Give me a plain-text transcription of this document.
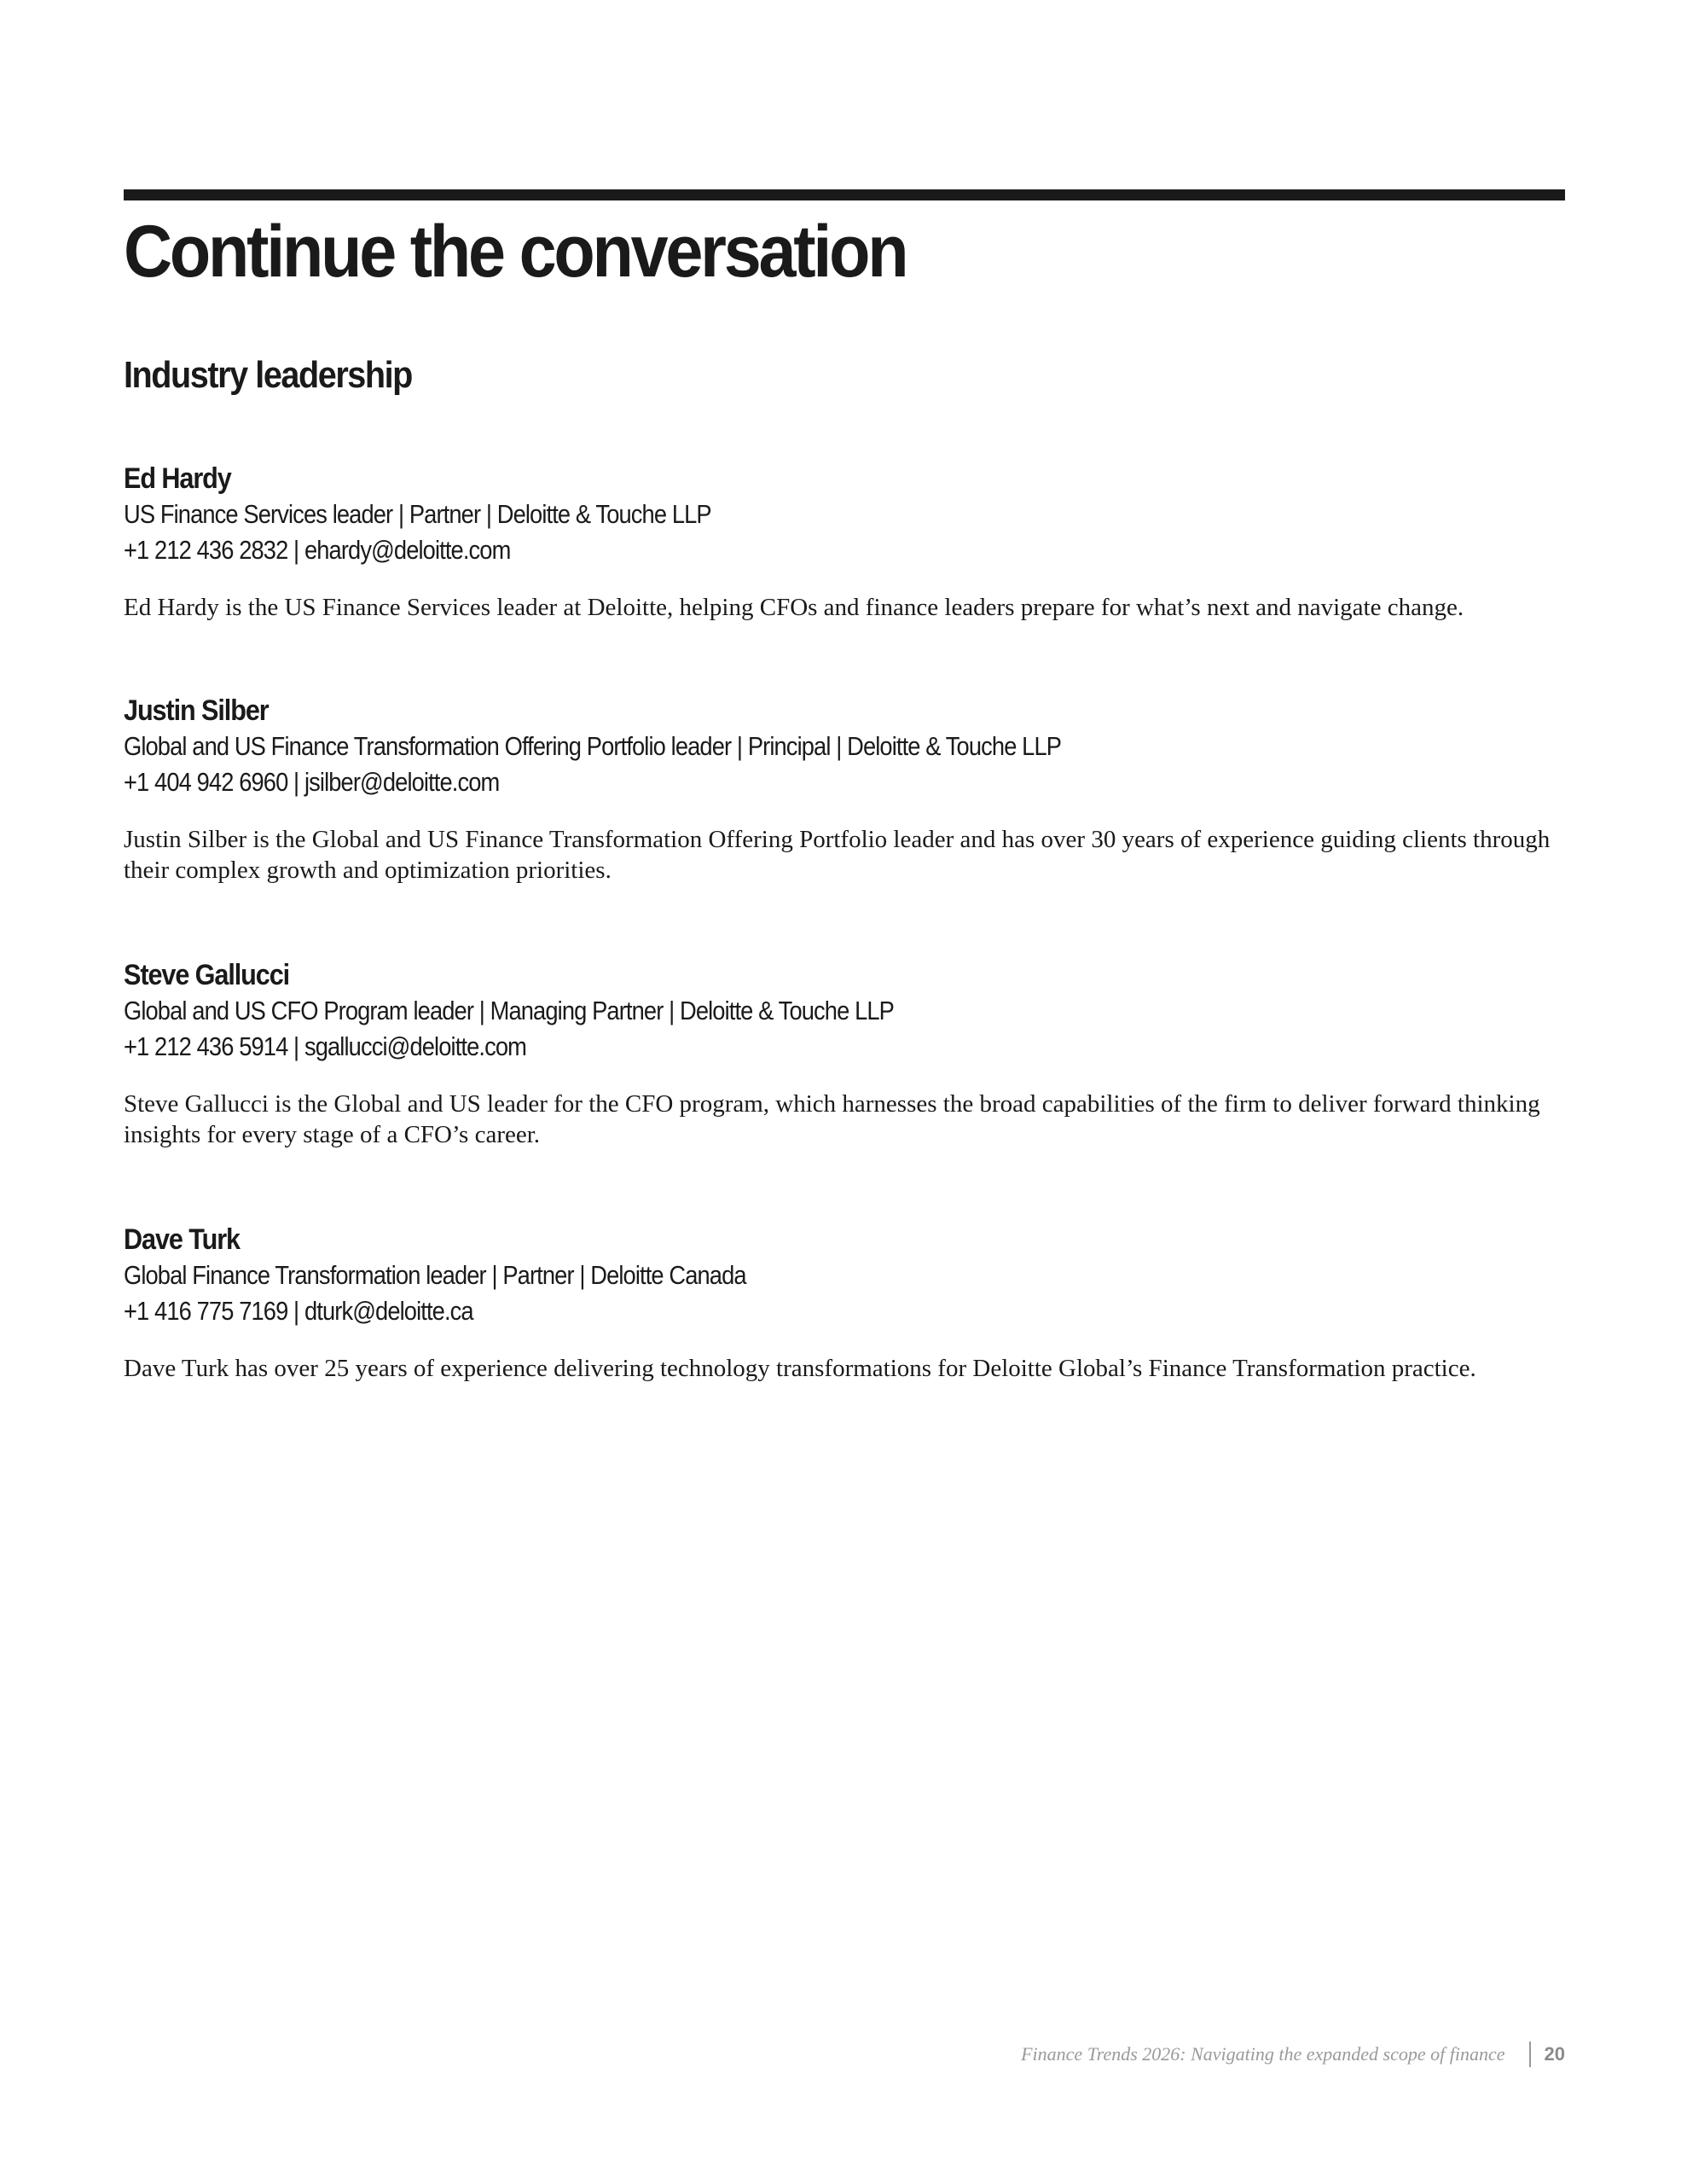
Continue the conversation
Industry leadership

Ed Hardy

US Finance Services leader | Partner | Deloitte & Touche LLP

+1 212 436 2832 | ehardy@deloitte.com

Ed Hardy is the US Finance Services leader at Deloitte, helping CFOs and finance leaders prepare for what’s next and navigate change.

Justin Silber

Global and US Finance Transformation Offering Portfolio leader | Principal | Deloitte & Touche LLP

+1 404 942 6960 | jsilber@deloitte.com

Justin Silber is the Global and US Finance Transformation Offering Portfolio leader and has over 30 years of experience guiding clients through their complex growth and optimization priorities.

Steve Gallucci

Global and US CFO Program leader | Managing Partner | Deloitte & Touche LLP

+1 212 436 5914 | sgallucci@deloitte.com

Steve Gallucci is the Global and US leader for the CFO program, which harnesses the broad capabilities of the firm to deliver forward thinking insights for every stage of a CFO’s career.

Dave Turk

Global Finance Transformation leader | Partner | Deloitte Canada

+1 416 775 7169 | dturk@deloitte.ca

Dave Turk has over 25 years of experience delivering technology transformations for Deloitte Global’s Finance Transformation practice.

Finance Trends 2026: Navigating the expanded scope of finance 20
